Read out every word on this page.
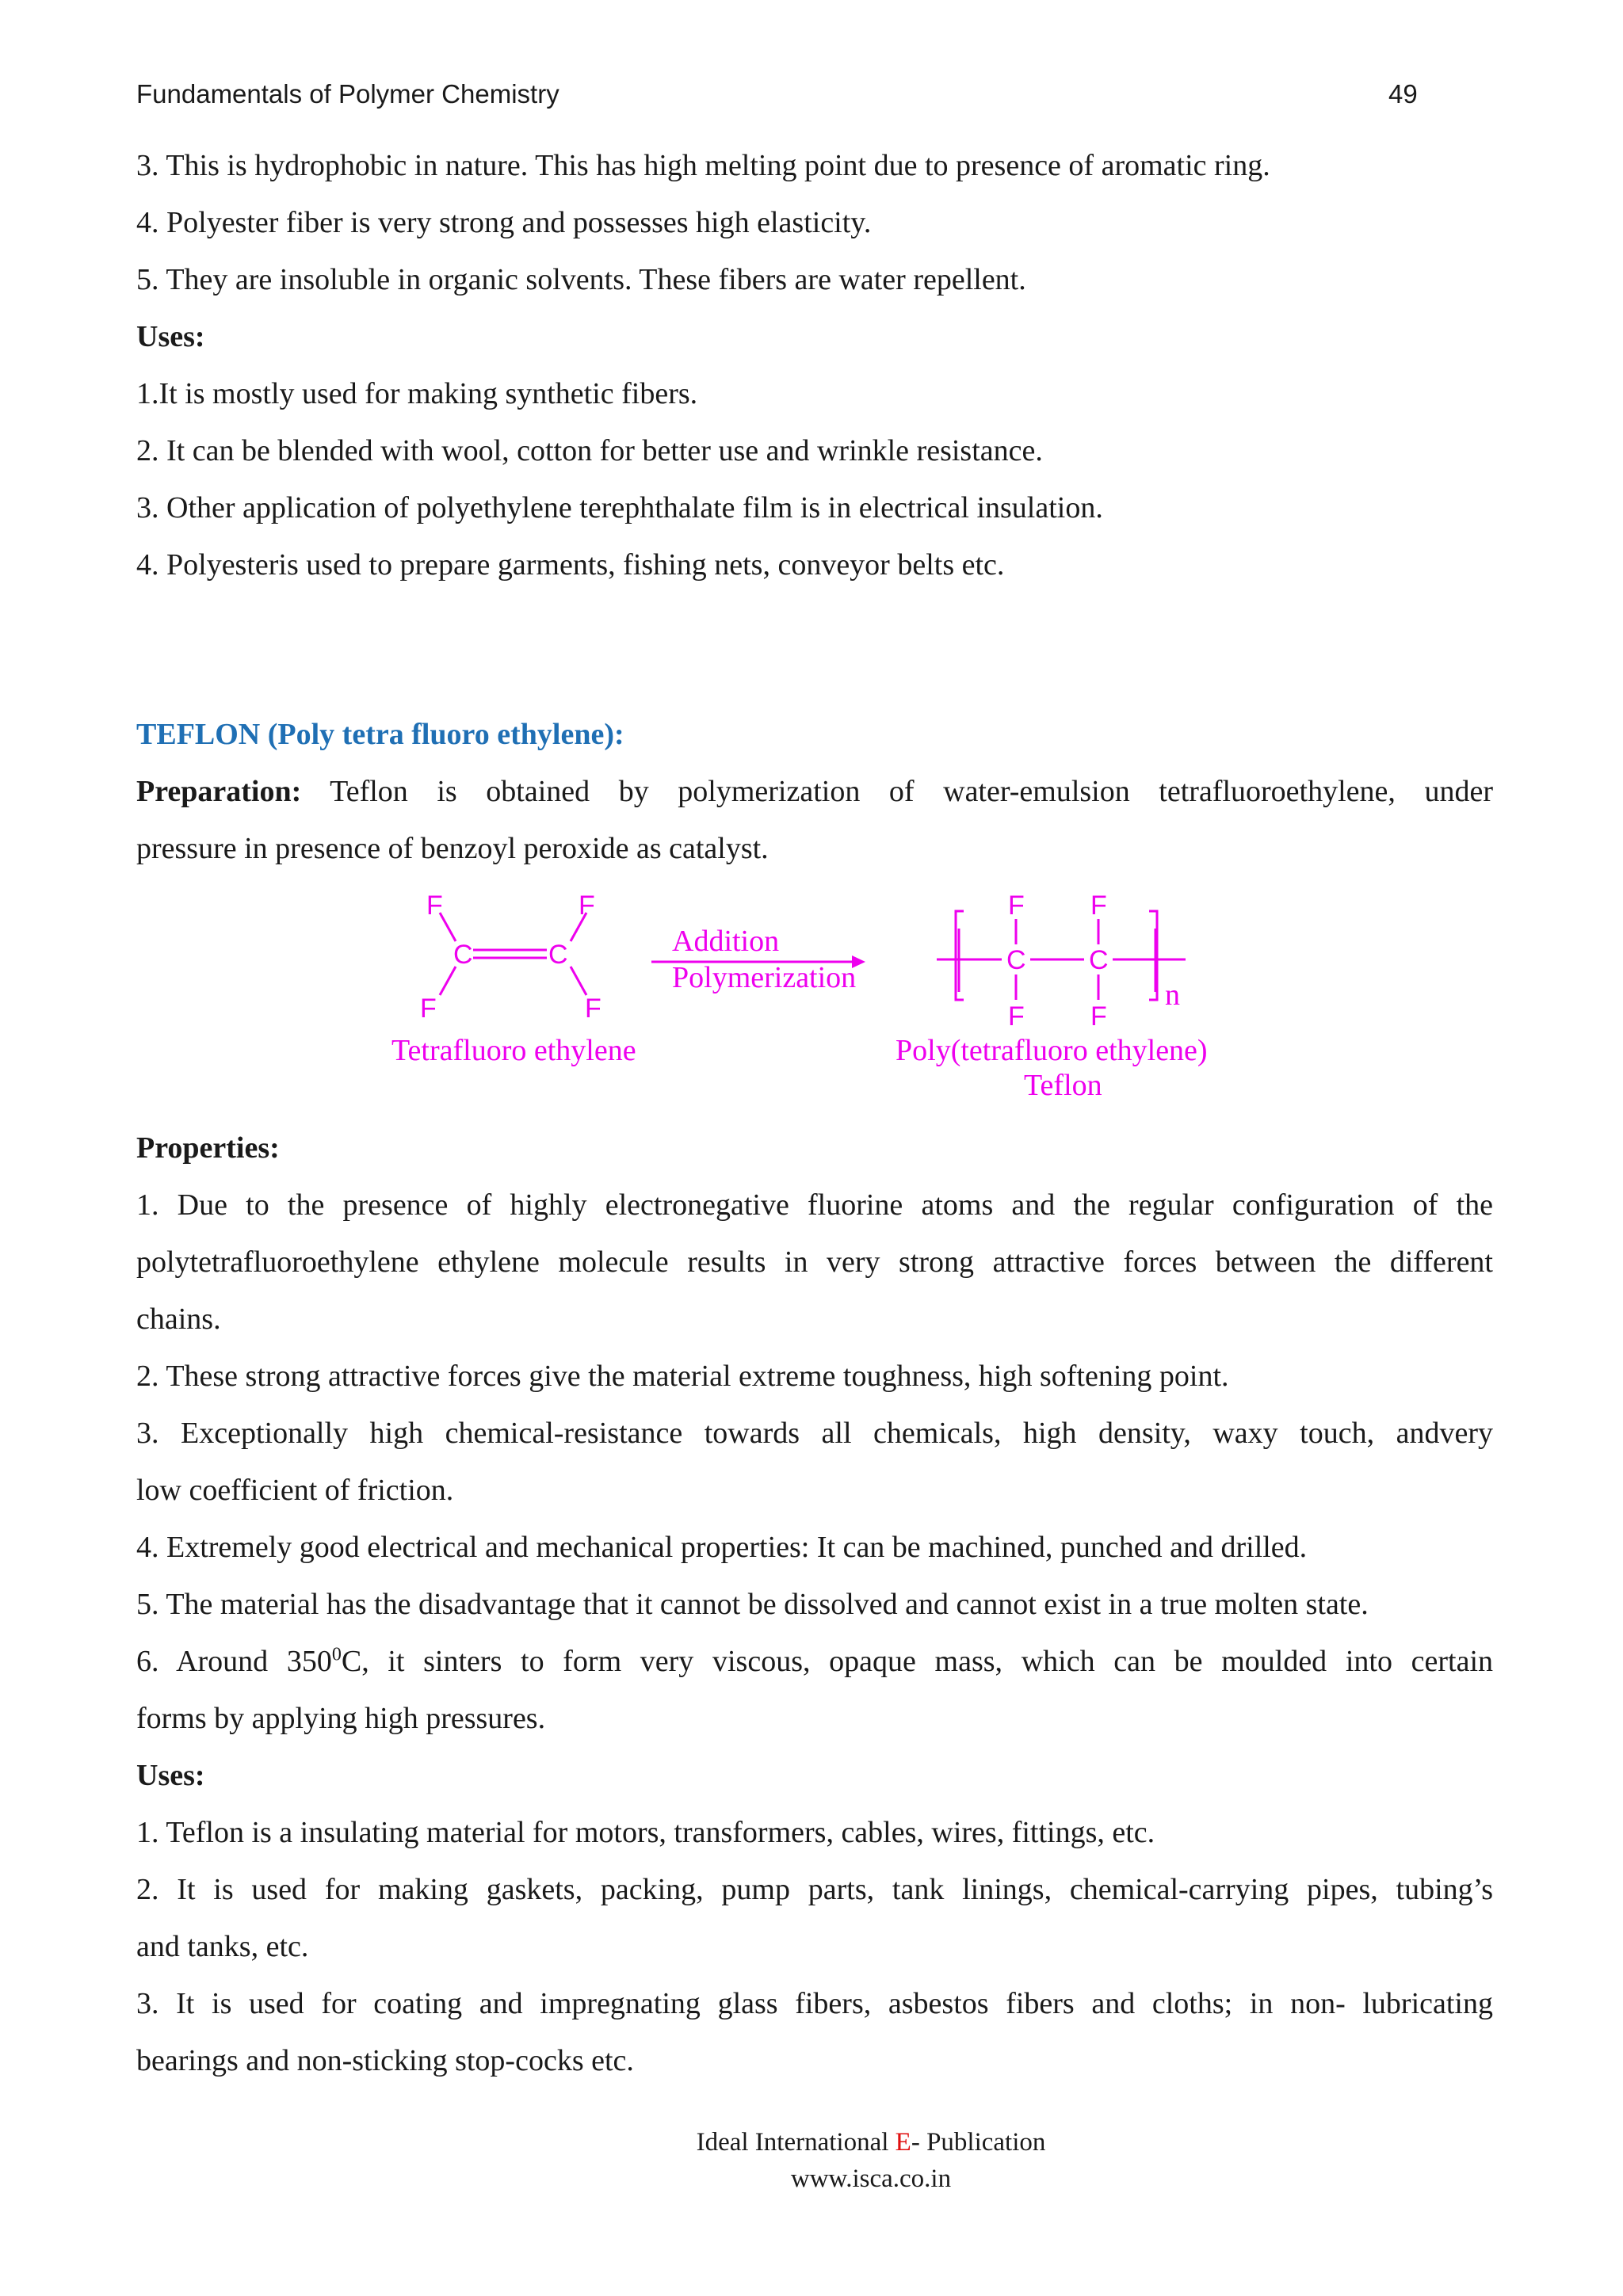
Fundamentals of Polymer Chemistry	49
3. This is hydrophobic in nature. This has high melting point due to presence of aromatic ring.
4. Polyester fiber is very strong and possesses high elasticity.
5. They are insoluble in organic solvents. These fibers are water repellent.
Uses:
1.It is mostly used for making synthetic fibers.
2. It can be blended with wool, cotton for better use and wrinkle resistance.
3. Other application of polyethylene terephthalate film is in electrical insulation.
4. Polyesteris used to prepare garments, fishing nets, conveyor belts etc.
TEFLON (Poly tetra fluoro ethylene):
Preparation: Teflon is obtained by polymerization of water-emulsion tetrafluoroethylene, under
pressure in presence of benzoyl peroxide as catalyst.
F	F
C	C
F	F
Addition
Polymerization
F F
C C
F F
n
Tetrafluoro ethylene	Poly(tetrafluoro ethylene)
Teflon
Properties:
1. Due to the presence of highly electronegative fluorine atoms and the regular configuration of the
polytetrafluoroethylene ethylene molecule results in very strong attractive forces between the different
chains.
2. These strong attractive forces give the material extreme toughness, high softening point.
3. Exceptionally high chemical-resistance towards all chemicals, high density, waxy touch, andvery
low coefficient of friction.
4. Extremely good electrical and mechanical properties: It can be machined, punched and drilled.
5. The material has the disadvantage that it cannot be dissolved and cannot exist in a true molten state.
6. Around $350^0C$, it sinters to form very viscous, opaque mass, which can be moulded into certain
forms by applying high pressures.
Uses:
1. Teflon is a insulating material for motors, transformers, cables, wires, fittings, etc.
2. It is used for making gaskets, packing, pump parts, tank linings, chemical-carrying pipes, tubing’s
and tanks, etc.
3. It is used for coating and impregnating glass fibers, asbestos fibers and cloths; in non- lubricating
bearings and non-sticking stop-cocks etc.
Ideal International E- Publication
www.isca.co.in
